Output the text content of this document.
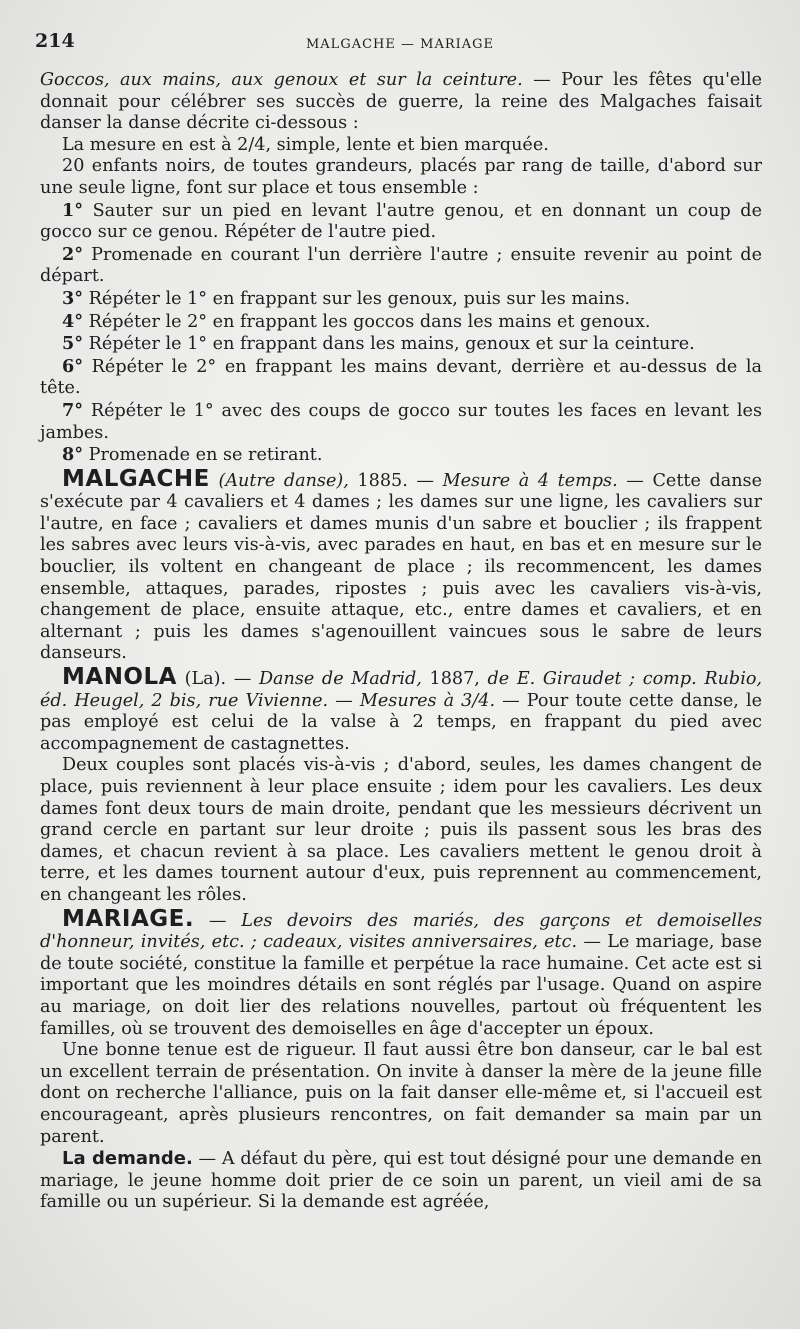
214	MALGACHE — MARIAGE

Goccos, aux mains, aux genoux et sur la ceinture. — Pour les fêtes qu'elle donnait pour célébrer ses succès de guerre, la reine des Malgaches faisait danser la danse décrite ci-dessous :

La mesure en est à 2/4, simple, lente et bien marquée.

20 enfants noirs, de toutes grandeurs, placés par rang de taille, d'abord sur une seule ligne, font sur place et tous ensemble :

1° Sauter sur un pied en levant l'autre genou, et en donnant un coup de gocco sur ce genou. Répéter de l'autre pied.

2° Promenade en courant l'un derrière l'autre ; ensuite revenir au point de départ.

3° Répéter le 1° en frappant sur les genoux, puis sur les mains.

4° Répéter le 2° en frappant les goccos dans les mains et genoux.

5° Répéter le 1° en frappant dans les mains, genoux et sur la ceinture.

6° Répéter le 2° en frappant les mains devant, derrière et au-dessus de la tête.

7° Répéter le 1° avec des coups de gocco sur toutes les faces en levant les jambes.

8° Promenade en se retirant.

MALGACHE (Autre danse), 1885. — Mesure à 4 temps. — Cette danse s'exécute par 4 cavaliers et 4 dames ; les dames sur une ligne, les cavaliers sur l'autre, en face ; cavaliers et dames munis d'un sabre et bouclier ; ils frappent les sabres avec leurs vis-à-vis, avec parades en haut, en bas et en mesure sur le bouclier, ils voltent en changeant de place ; ils recommencent, les dames ensemble, attaques, parades, ripostes ; puis avec les cavaliers vis-à-vis, changement de place, ensuite attaque, etc., entre dames et cavaliers, et en alternant ; puis les dames s'agenouillent vaincues sous le sabre de leurs danseurs.

MANOLA (La). — Danse de Madrid, 1887, de E. Giraudet ; comp. Rubio, éd. Heugel, 2 bis, rue Vivienne. — Mesures à 3/4. — Pour toute cette danse, le pas employé est celui de la valse à 2 temps, en frappant du pied avec accompagnement de castagnettes.

Deux couples sont placés vis-à-vis ; d'abord, seules, les dames changent de place, puis reviennent à leur place ensuite ; idem pour les cavaliers. Les deux dames font deux tours de main droite, pendant que les messieurs décrivent un grand cercle en partant sur leur droite ; puis ils passent sous les bras des dames, et chacun revient à sa place. Les cavaliers mettent le genou droit à terre, et les dames tournent autour d'eux, puis reprennent au commencement, en changeant les rôles.

MARIAGE. — Les devoirs des mariés, des garçons et demoiselles d'honneur, invités, etc. ; cadeaux, visites anniversaires, etc. — Le mariage, base de toute société, constitue la famille et perpétue la race humaine. Cet acte est si important que les moindres détails en sont réglés par l'usage. Quand on aspire au mariage, on doit lier des relations nouvelles, partout où fréquentent les familles, où se trouvent des demoiselles en âge d'accepter un époux.

Une bonne tenue est de rigueur. Il faut aussi être bon danseur, car le bal est un excellent terrain de présentation. On invite à danser la mère de la jeune fille dont on recherche l'alliance, puis on la fait danser elle-même et, si l'accueil est encourageant, après plusieurs rencontres, on fait demander sa main par un parent.

La demande. — A défaut du père, qui est tout désigné pour une demande en mariage, le jeune homme doit prier de ce soin un parent, un vieil ami de sa famille ou un supérieur. Si la demande est agréée,
